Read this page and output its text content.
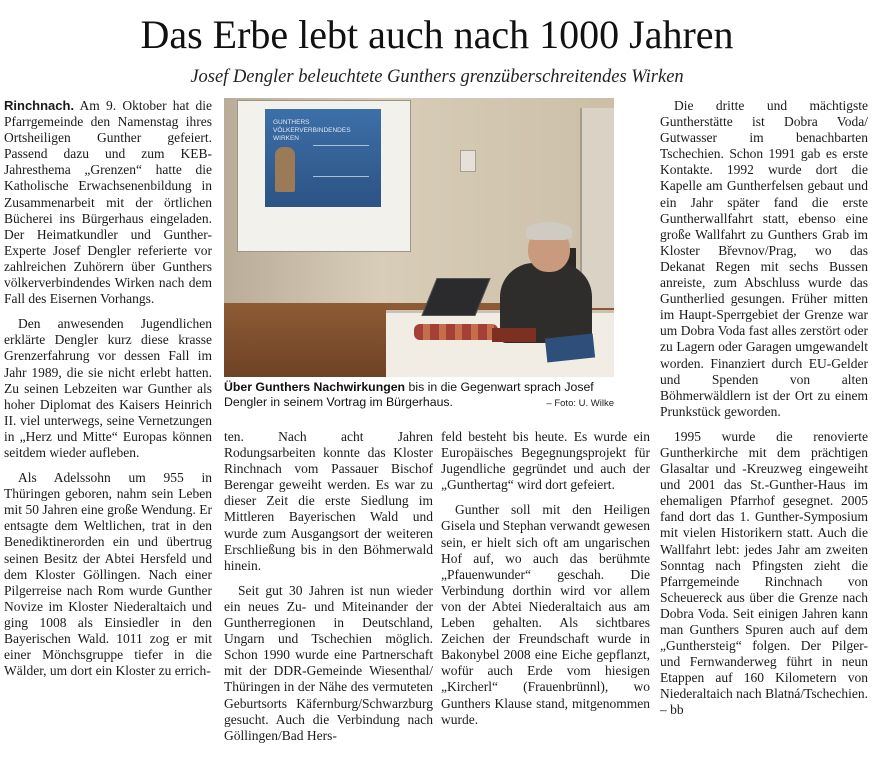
Das Erbe lebt auch nach 1000 Jahren
Josef Dengler beleuchtete Gunthers grenzüberschreitendes Wirken

Rinchnach. Am 9. Oktober hat die Pfarrgemeinde den Namenstag ihres Ortsheiligen Gunther gefeiert. Passend dazu und zum KEB-Jahresthema „Grenzen“ hatte die Katholische Erwachsenenbildung in Zusammenarbeit mit der örtlichen Bücherei ins Bürgerhaus eingeladen. Der Heimatkundler und Gunther-Experte Josef Dengler referierte vor zahlreichen Zuhörern über Gunthers völkerverbindendes Wirken nach dem Fall des Eisernen Vorhangs.

Den anwesenden Jugendlichen erklärte Dengler kurz diese krasse Grenzerfahrung vor dessen Fall im Jahr 1989, die sie nicht erlebt hatten. Zu seinen Lebzeiten war Gunther als hoher Diplomat des Kaisers Heinrich II. viel unterwegs, seine Vernetzungen in „Herz und Mitte“ Europas können seitdem wieder aufleben.

Als Adelssohn um 955 in Thüringen geboren, nahm sein Leben mit 50 Jahren eine große Wendung. Er entsagte dem Weltlichen, trat in den Benediktinerorden ein und übertrug seinen Besitz der Abtei Hersfeld und dem Kloster Göllingen. Nach einer Pilgerreise nach Rom wurde Gunther Novize im Kloster Niederaltaich und ging 1008 als Einsiedler in den Bayerischen Wald. 1011 zog er mit einer Mönchsgruppe tiefer in die Wälder, um dort ein Kloster zu errich-

GUNTHERS VÖLKERVERBINDENDES WIRKEN
Über Gunthers Nachwirkungen bis in die Gegenwart sprach Josef Dengler in seinem Vortrag im Bürgerhaus.	– Foto: U. Wilke

ten. Nach acht Jahren Rodungsarbeiten konnte das Kloster Rinchnach vom Passauer Bischof Berengar geweiht werden. Es war zu dieser Zeit die erste Siedlung im Mittleren Bayerischen Wald und wurde zum Ausgangsort der weiteren Erschließung bis in den Böhmerwald hinein.

Seit gut 30 Jahren ist nun wieder ein neues Zu- und Miteinander der Guntherregionen in Deutschland, Ungarn und Tschechien möglich. Schon 1990 wurde eine Partnerschaft mit der DDR-Gemeinde Wiesenthal/ Thüringen in der Nähe des vermuteten Geburtsorts Käfernburg/Schwarzburg gesucht. Auch die Verbindung nach Göllingen/Bad Hers-

feld besteht bis heute. Es wurde ein Europäisches Begegnungsprojekt für Jugendliche gegründet und auch der „Gunthertag“ wird dort gefeiert.

Gunther soll mit den Heiligen Gisela und Stephan verwandt gewesen sein, er hielt sich oft am ungarischen Hof auf, wo auch das berühmte „Pfauenwunder“ geschah. Die Verbindung dorthin wird vor allem von der Abtei Niederaltaich aus am Leben gehalten. Als sichtbares Zeichen der Freundschaft wurde in Bakonybel 2008 eine Eiche gepflanzt, wofür auch Erde vom hiesigen „Kircherl“ (Frauenbrünnl), wo Gunthers Klause stand, mitgenommen wurde.

Die dritte und mächtigste Guntherstätte ist Dobra Voda/ Gutwasser im benachbarten Tschechien. Schon 1991 gab es erste Kontakte. 1992 wurde dort die Kapelle am Guntherfelsen gebaut und ein Jahr später fand die erste Guntherwallfahrt statt, ebenso eine große Wallfahrt zu Gunthers Grab im Kloster Břevnov/Prag, wo das Dekanat Regen mit sechs Bussen anreiste, zum Abschluss wurde das Guntherlied gesungen. Früher mitten im Haupt-Sperrgebiet der Grenze war um Dobra Voda fast alles zerstört oder zu Lagern oder Garagen umgewandelt worden. Finanziert durch EU-Gelder und Spenden von alten Böhmerwäldlern ist der Ort zu einem Prunkstück geworden.

1995 wurde die renovierte Guntherkirche mit dem prächtigen Glasaltar und -Kreuzweg eingeweiht und 2001 das St.-Gunther-Haus im ehemaligen Pfarrhof gesegnet. 2005 fand dort das 1. Gunther-Symposium mit vielen Historikern statt. Auch die Wallfahrt lebt: jedes Jahr am zweiten Sonntag nach Pfingsten zieht die Pfarrgemeinde Rinchnach von Scheuereck aus über die Grenze nach Dobra Voda. Seit einigen Jahren kann man Gunthers Spuren auch auf dem „Gunthersteig“ folgen. Der Pilger- und Fernwanderweg führt in neun Etappen auf 160 Kilometern von Niederaltaich nach Blatná/Tschechien. – bb
